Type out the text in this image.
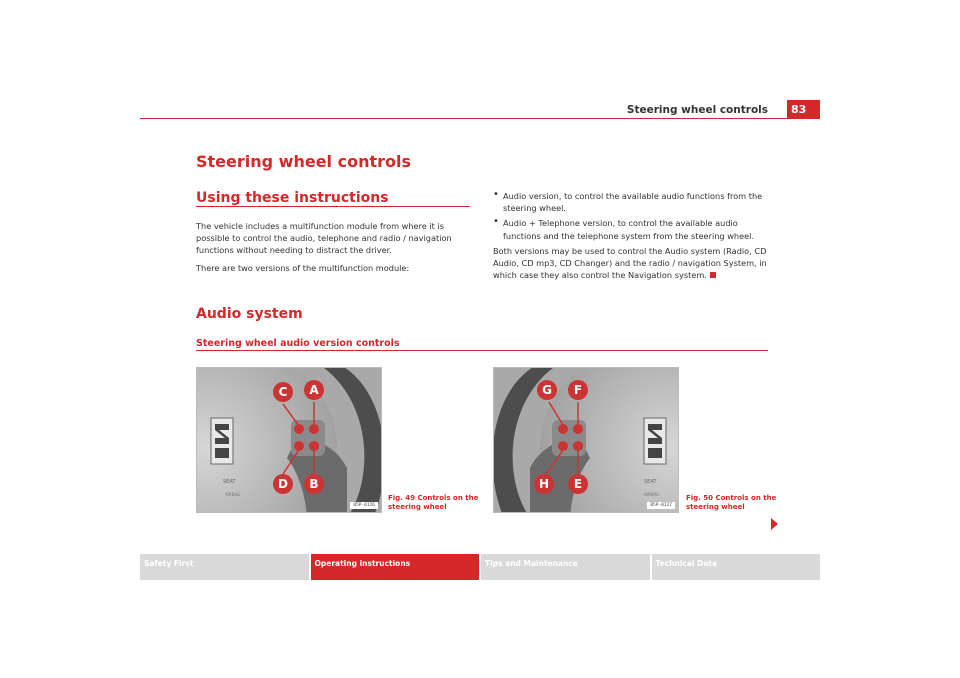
Steering wheel controls	83
Steering wheel controls
Using these instructions

The vehicle includes a multifunction module from where it is possible to control the audio, telephone and radio / navigation functions without needing to distract the driver.

There are two versions of the multifunction module:

• Audio version, to control the available audio functions from the steering wheel.
• Audio + Telephone version, to control the available audio functions and the telephone system from the steering wheel.

Both versions may be used to control the Audio system (Radio, CD Audio, CD mp3, CD Changer) and the radio / navigation System, in which case they also control the Navigation system.

Audio system
Steering wheel audio version controls
SEAT
AIRBAG
C A
D B
B5P-0126
Fig. 49 Controls on the
steering wheel
SEAT
AIRBAG
G F
H E
B5P-0127
Fig. 50 Controls on the
steering wheel
Safety First	Operating instructions	Tips and Maintenance	Technical Data
